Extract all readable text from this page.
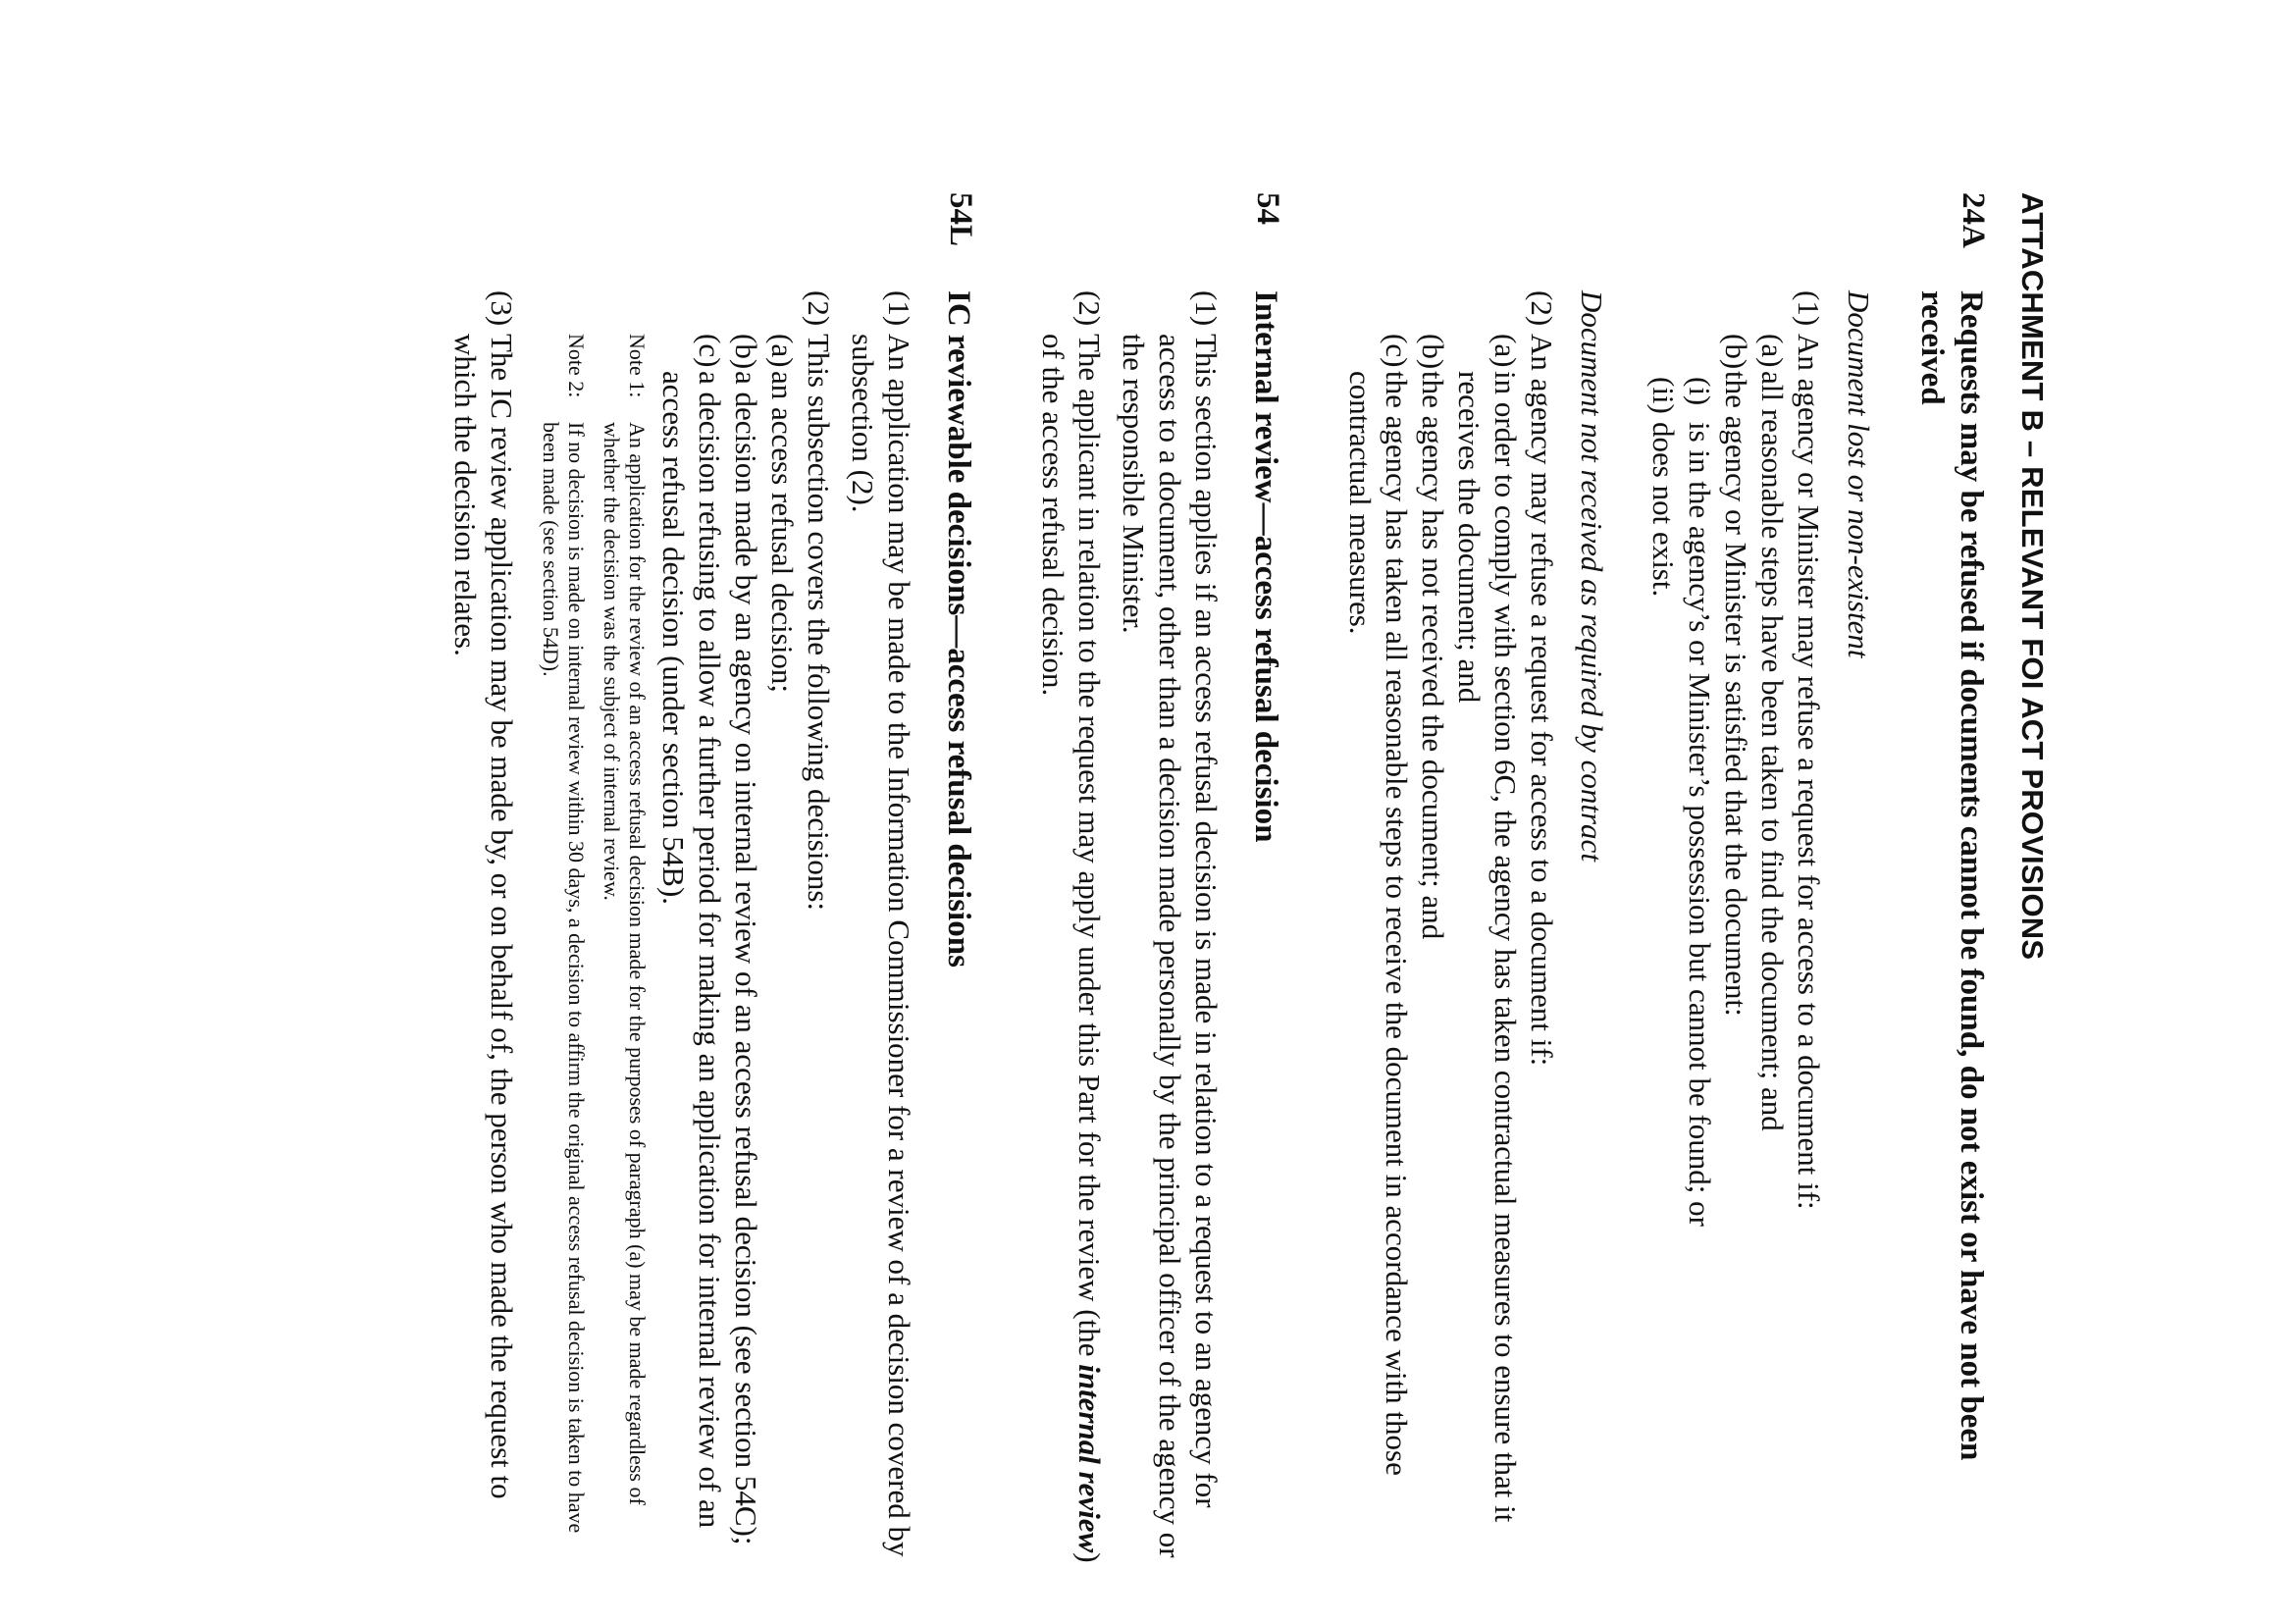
ATTACHMENT B – RELEVANT FOI ACT PROVISIONS
24A

Requests may be refused if documents cannot be found, do not exist or have not been received

Document lost or non-existent

(1)
An agency or Minister may refuse a request for access to a document if:
(a)
all reasonable steps have been taken to find the document; and
(b)
the agency or Minister is satisfied that the document:
(i)
is in the agency’s or Minister’s possession but cannot be found; or
(ii)
does not exist.

Document not received as required by contract

(2)
An agency may refuse a request for access to a document if:
(a)
in order to comply with section 6C, the agency has taken contractual measures to ensure that it receives the document; and
(b)
the agency has not received the document; and
(c)
the agency has taken all reasonable steps to receive the document in accordance with those contractual measures.
54

Internal review—access refusal decision

(1)
This section applies if an access refusal decision is made in relation to a request to an agency for access to a document, other than a decision made personally by the principal officer of the agency or the responsible Minister.
(2)
The applicant in relation to the request may apply under this Part for the review (the internal review) of the access refusal decision.
54L

IC reviewable decisions—access refusal decisions

(1)
An application may be made to the Information Commissioner for a review of a decision covered by subsection (2).
(2)
This subsection covers the following decisions:
(a)
an access refusal decision;
(b)
a decision made by an agency on internal review of an access refusal decision (see section 54C);
(c)
a decision refusing to allow a further period for making an application for internal review of an access refusal decision (under section 54B).
Note 1:
An application for the review of an access refusal decision made for the purposes of paragraph (a) may be made regardless of whether the decision was the subject of internal review.
Note 2:
If no decision is made on internal review within 30 days, a decision to affirm the original access refusal decision is taken to have been made (see section 54D).
(3)
The IC review application may be made by, or on behalf of, the person who made the request to which the decision relates.
